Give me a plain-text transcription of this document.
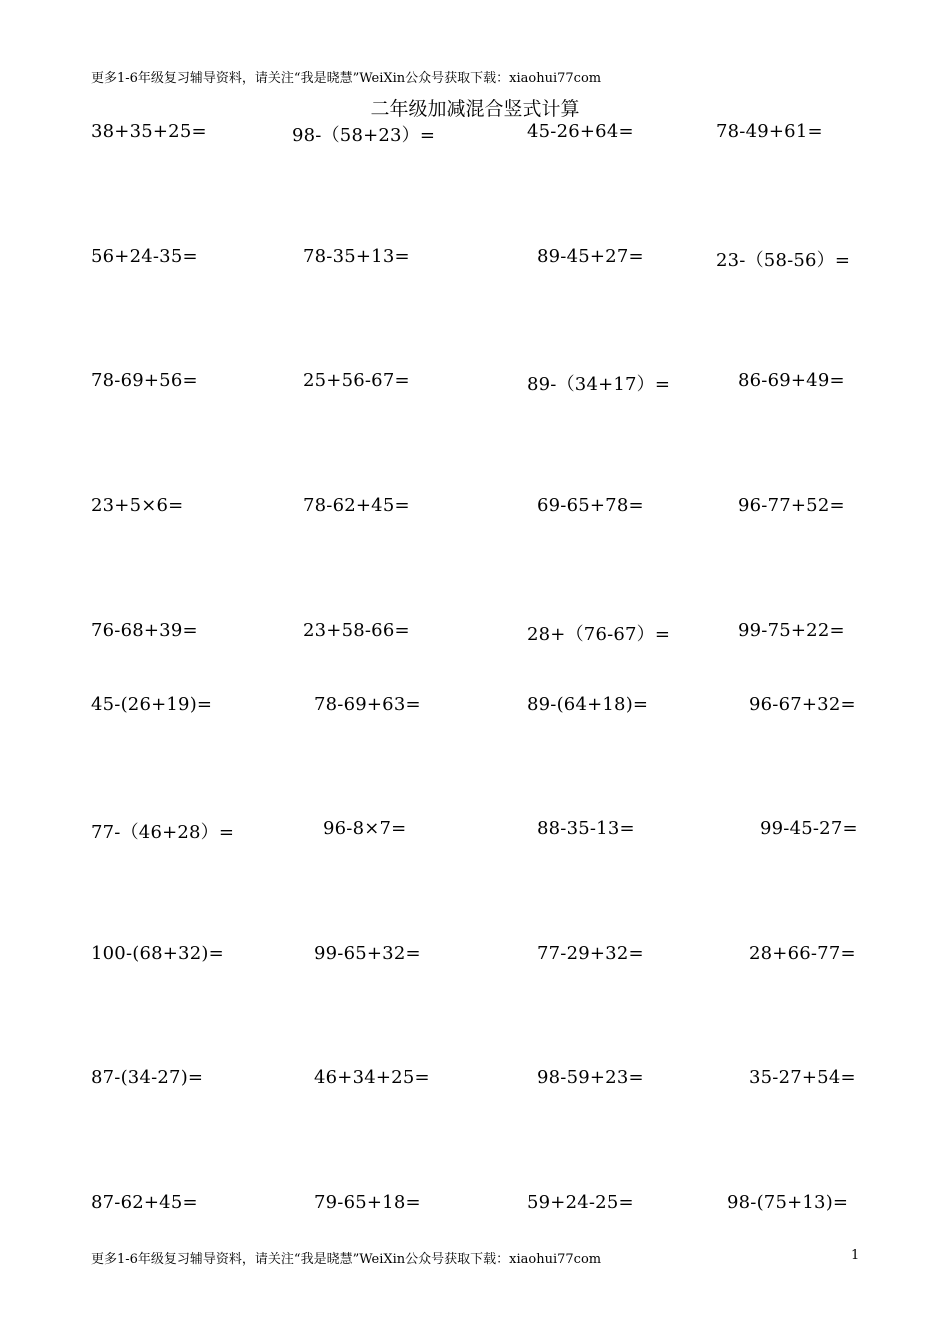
更多1-6年级复习辅导资料，请关注“我是晓慧”WeiXin公众号获取下载：xiaohui77com
二年级加减混合竖式计算
38+35+25=	98-（58+23）=	45-26+64=	78-49+61=
56+24-35=	78-35+13=	89-45+27=	23-（58-56）=
78-69+56=	25+56-67=	89-（34+17）=	86-69+49=
23+5×6=	78-62+45=	69-65+78=	96-77+52=
76-68+39=	23+58-66=	28+（76-67）=	99-75+22=
45-(26+19)=	78-69+63=	89-(64+18)=	96-67+32=
77-（46+28）=	96-8×7=	88-35-13=	99-45-27=
100-(68+32)=	99-65+32=	77-29+32=	28+66-77=
87-(34-27)=	46+34+25=	98-59+23=	35-27+54=
87-62+45=	79-65+18=	59+24-25=	98-(75+13)=
更多1-6年级复习辅导资料，请关注“我是晓慧”WeiXin公众号获取下载：xiaohui77com	1
